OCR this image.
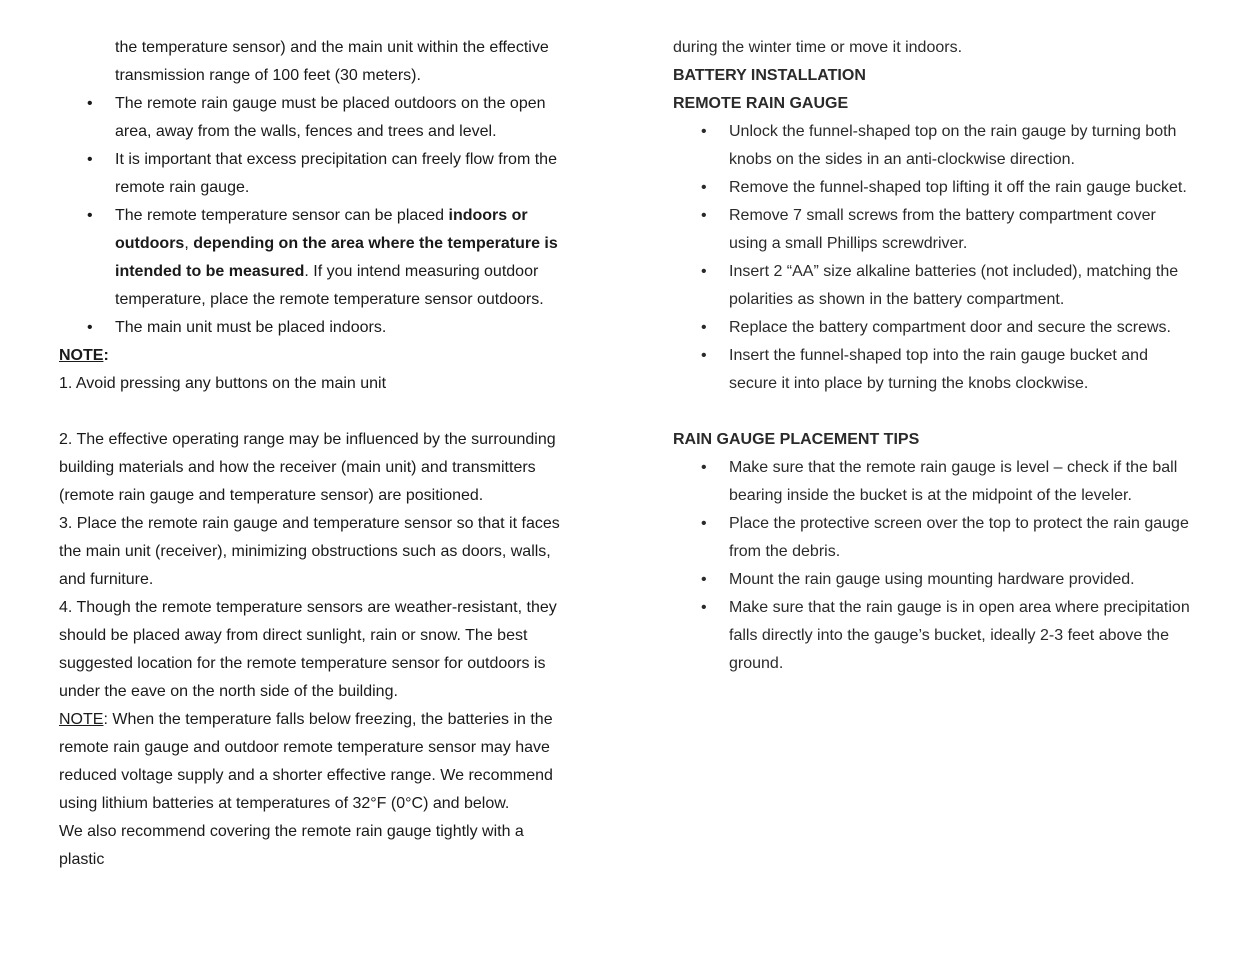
the temperature sensor) and the main unit within the effective transmission range of 100 feet (30 meters).

• The remote rain gauge must be placed outdoors on the open area, away from the walls, fences and trees and level.
• It is important that excess precipitation can freely flow from the remote rain gauge.
• The remote temperature sensor can be placed indoors or outdoors, depending on the area where the temperature is intended to be measured. If you intend measuring outdoor temperature, place the remote temperature sensor outdoors.
• The main unit must be placed indoors.

NOTE:

1. Avoid pressing any buttons on the main unit

2. The effective operating range may be influenced by the surrounding building materials and how the receiver (main unit) and transmitters (remote rain gauge and temperature sensor) are positioned.

3. Place the remote rain gauge and temperature sensor so that it faces the main unit (receiver), minimizing obstructions such as doors, walls, and furniture.

4. Though the remote temperature sensors are weather-resistant, they should be placed away from direct sunlight, rain or snow. The best suggested location for the remote temperature sensor for outdoors is under the eave on the north side of the building.

NOTE: When the temperature falls below freezing, the batteries in the remote rain gauge and outdoor remote temperature sensor may have reduced voltage supply and a shorter effective range. We recommend using lithium batteries at temperatures of 32°F (0°C) and below.

We also recommend covering the remote rain gauge tightly with a plastic

during the winter time or move it indoors.

BATTERY INSTALLATION

REMOTE RAIN GAUGE

• Unlock the funnel-shaped top on the rain gauge by turning both knobs on the sides in an anti-clockwise direction.
• Remove the funnel-shaped top lifting it off the rain gauge bucket.
• Remove 7 small screws from the battery compartment cover using a small Phillips screwdriver.
• Insert 2 “AA” size alkaline batteries (not included), matching the polarities as shown in the battery compartment.
• Replace the battery compartment door and secure the screws.
• Insert the funnel-shaped top into the rain gauge bucket and secure it into place by turning the knobs clockwise.

RAIN GAUGE PLACEMENT TIPS

• Make sure that the remote rain gauge is level – check if the ball bearing inside the bucket is at the midpoint of the leveler.
• Place the protective screen over the top to protect the rain gauge from the debris.
• Mount the rain gauge using mounting hardware provided.
• Make sure that the rain gauge is in open area where precipitation falls directly into the gauge’s bucket, ideally 2-3 feet above the ground.
